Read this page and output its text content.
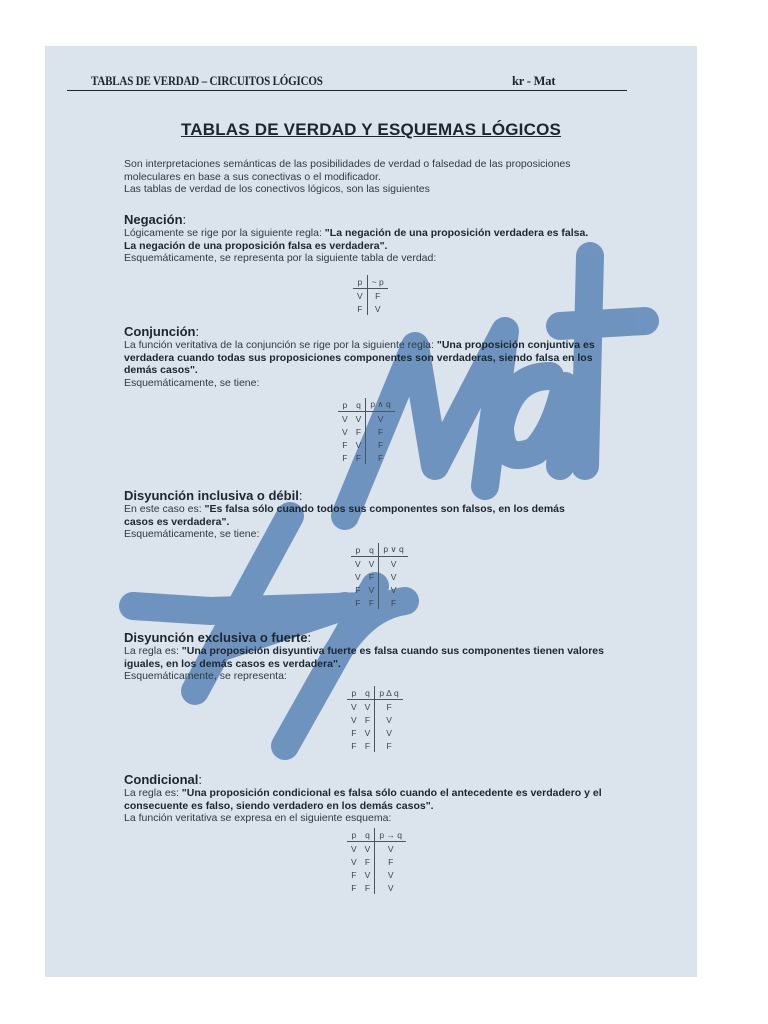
TABLAS DE VERDAD – CIRCUITOS LÓGICOS	kr - Mat
TABLAS DE VERDAD Y ESQUEMAS LÓGICOS

Son interpretaciones semánticas de las posibilidades de verdad o falsedad de las proposiciones

moleculares en base a sus conectivas o el modificador.

Las tablas de verdad de los conectivos lógicos, son las siguientes

Negación:

Lógicamente se rige por la siguiente regla: "La negación de una proposición verdadera es falsa.

La negación de una proposición falsa es verdadera".

Esquemáticamente, se representa por la siguiente tabla de verdad:

p	~ p
V	F
F	V

Conjunción:

La función veritativa de la conjunción se rige por la siguiente regla: "Una proposición conjuntiva es

verdadera cuando todas sus proposiciones componentes son verdaderas, siendo falsa en los

demás casos".

Esquemáticamente, se tiene:

p	q	p ∧ q
V	V	V
V	F	F
F	V	F
F	F	F

Disyunción inclusiva o débil:

En este caso es: "Es falsa sólo cuando todos sus componentes son falsos, en los demás

casos es verdadera".

Esquemáticamente, se tiene:

p	q	p ∨ q
V	V	V
V	F	V
F	V	V
F	F	F

Disyunción exclusiva o fuerte:

La regla es: "Una proposición disyuntiva fuerte es falsa cuando sus componentes tienen valores

iguales, en los demás casos es verdadera".

Esquemáticamente, se representa:

p	q	p ∆ q
V	V	F
V	F	V
F	V	V
F	F	F

Condicional:

La regla es: "Una proposición condicional es falsa sólo cuando el antecedente es verdadero y el

consecuente es falso, siendo verdadero en los demás casos".

La función veritativa se expresa en el siguiente esquema:

p	q	p → q
V	V	V
V	F	F
F	V	V
F	F	V
